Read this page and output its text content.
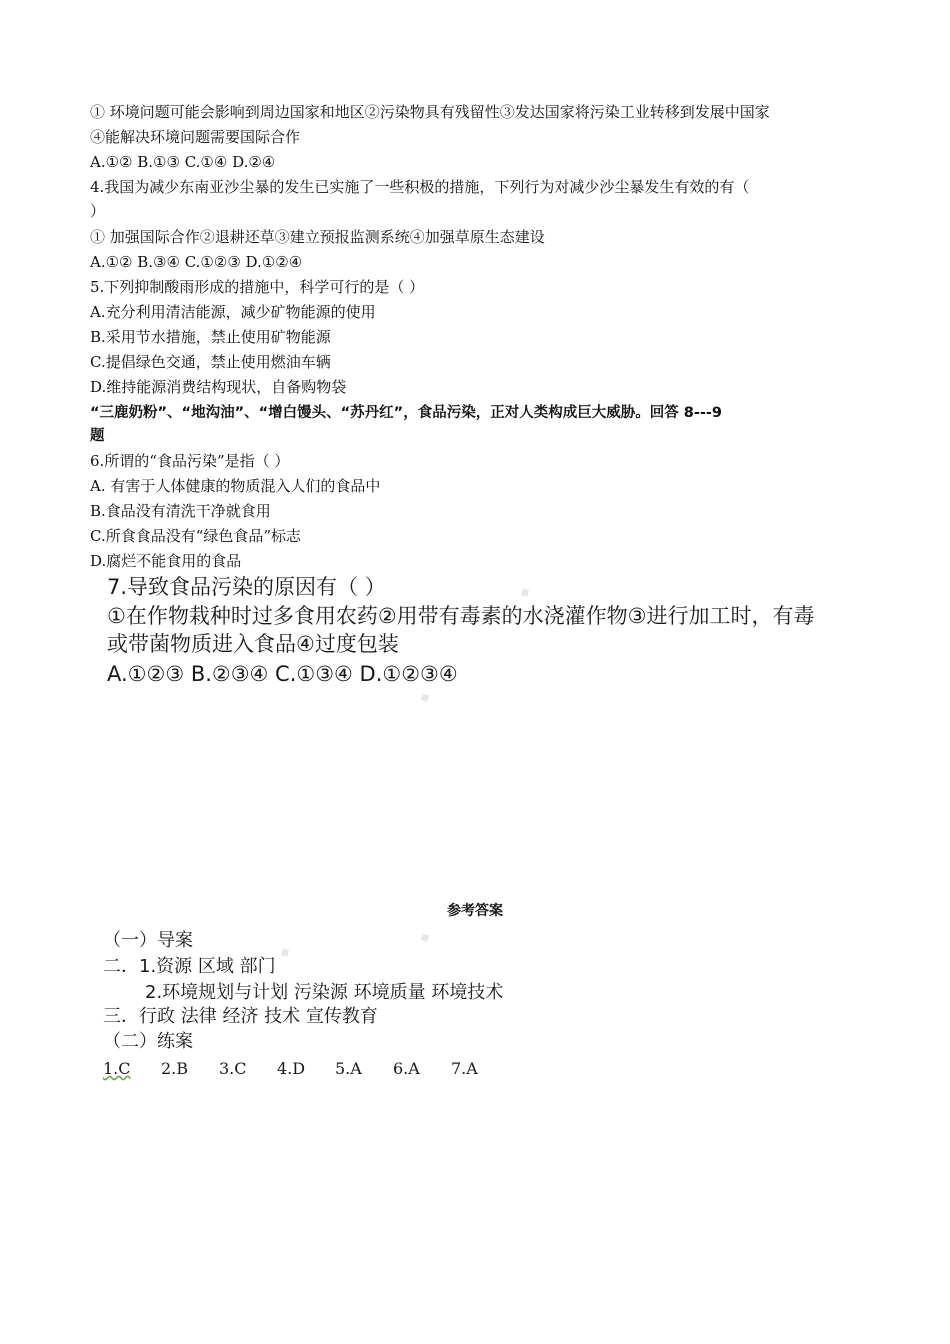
① 环境问题可能会影响到周边国家和地区②污染物具有残留性③发达国家将污染工业转移到发展中国家
④能解决环境问题需要国际合作
A.①② B.①③ C.①④ D.②④
4.我国为减少东南亚沙尘暴的发生已实施了一些积极的措施，下列行为对减少沙尘暴发生有效的有（
）
① 加强国际合作②退耕还草③建立预报监测系统④加强草原生态建设
A.①② B.③④ C.①②③ D.①②④
5.下列抑制酸雨形成的措施中，科学可行的是（ ）
A.充分利用清洁能源，减少矿物能源的使用
B.采用节水措施，禁止使用矿物能源
C.提倡绿色交通，禁止使用燃油车辆
D.维持能源消费结构现状，自备购物袋
“三鹿奶粉”、“地沟油”、“增白馒头、“苏丹红”，食品污染，正对人类构成巨大威胁。回答 8---9
题
6.所谓的“食品污染”是指（ ）
A. 有害于人体健康的物质混入人们的食品中
B.食品没有清洗干净就食用
C.所食食品没有“绿色食品”标志
D.腐烂不能食用的食品
◆
◆
7.导致食品污染的原因有（ ）
①在作物栽种时过多食用农药②用带有毒素的水浇灌作物③进行加工时，有毒
或带菌物质进入食品④过度包装
A.①②③ B.②③④ C.①③④ D.①②③④
参考答案
◆
◆
（一）导案
二．1.资源 区域 部门
2.环境规划与计划 污染源 环境质量 环境技术
三．行政 法律 经济 技术 宣传教育
（二）练案
1.C 2.B 3.C 4.D 5.A 6.A 7.A
